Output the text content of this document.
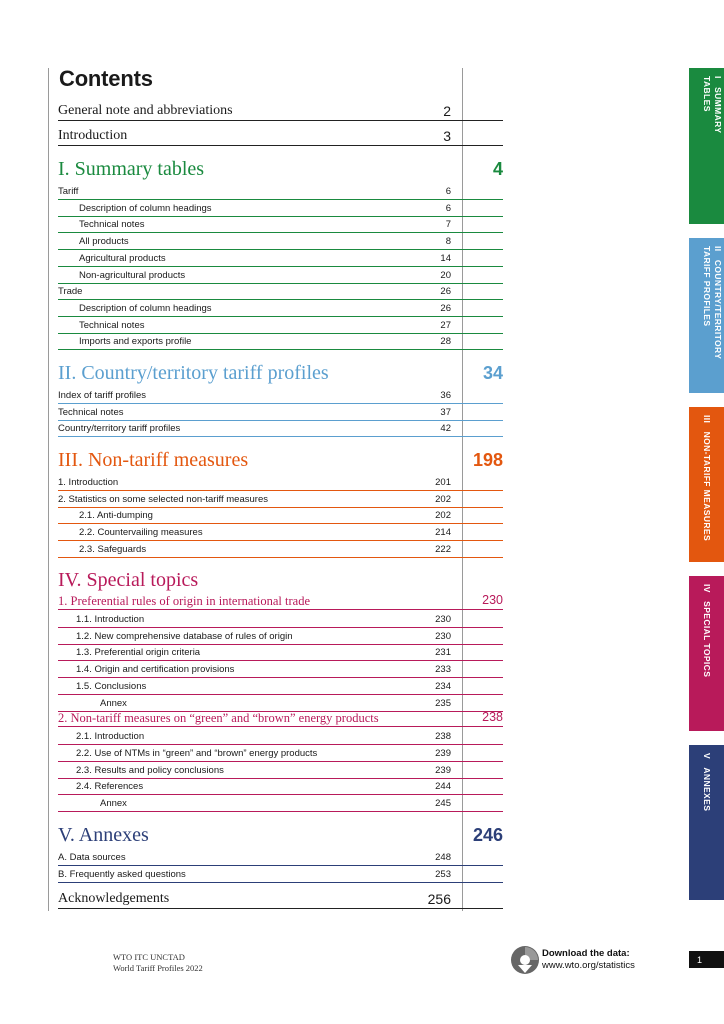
Contents
General note and abbreviations	2
Introduction	3
I. Summary tables	4
Tariff	6
Description of column headings	6
Technical notes	7
All products	8
Agricultural products	14
Non-agricultural products	20
Trade	26
Description of column headings	26
Technical notes	27
Imports and exports profile	28
II. Country/territory tariff profiles	34
Index of tariff profiles	36
Technical notes	37
Country/territory tariff profiles	42
III. Non-tariff measures	198
1. Introduction	201
2. Statistics on some selected non-tariff measures	202
2.1. Anti-dumping	202
2.2. Countervailing measures	214
2.3. Safeguards	222
IV. Special topics
1. Preferential rules of origin in international trade	230
1.1. Introduction	230
1.2. New comprehensive database of rules of origin	230
1.3. Preferential origin criteria	231
1.4. Origin and certification provisions	233
1.5. Conclusions	234
Annex	235
2. Non-tariff measures on “green” and “brown” energy products	238
2.1. Introduction	238
2.2. Use of NTMs in “green” and “brown” energy products	239
2.3. Results and policy conclusions	239
2.4. References	244
Annex	245
V. Annexes	246
A. Data sources	248
B. Frequently asked questions	253
Acknowledgements	256
I   SUMMARY
TABLES
II   COUNTRY/TERRITORY
TARIFF PROFILES
III   NON-TARIFF MEASURES
IV   SPECIAL TOPICS
V   ANNEXES
WTO ITC UNCTAD
World Tariff Profiles 2022
Download the data:
www.wto.org/statistics
1
